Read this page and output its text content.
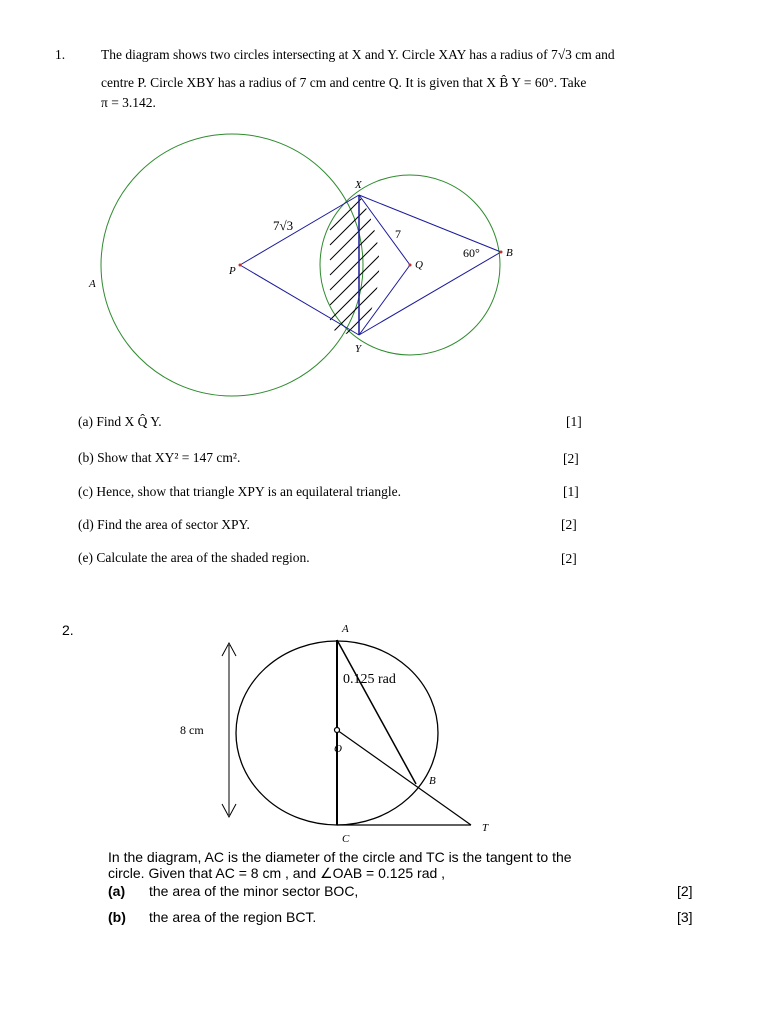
1.	The diagram shows two circles intersecting at X and Y. Circle XAY has a radius of 7√3 cm and
centre P. Circle XBY has a radius of 7 cm and centre Q. It is given that X B̂ Y = 60°. Take
π = 3.142.
X
Y
P	Q
A
B
7√3
7
60°
(a) Find X Q̂ Y.	[1]
(b) Show that XY² = 147 cm².	[2]
(c) Hence, show that triangle XPY is an equilateral triangle.	[1]
(d) Find the area of sector XPY.	[2]
(e) Calculate the area of the shaded region.	[2]
2.	A
C
O
B
T
8 cm
0.125 rad
In the diagram, AC is the diameter of the circle and TC is the tangent to the
circle. Given that AC = 8 cm , and ∠OAB = 0.125 rad ,
(a) the area of the minor sector BOC,	[2]
(b) the area of the region BCT.	[3]
